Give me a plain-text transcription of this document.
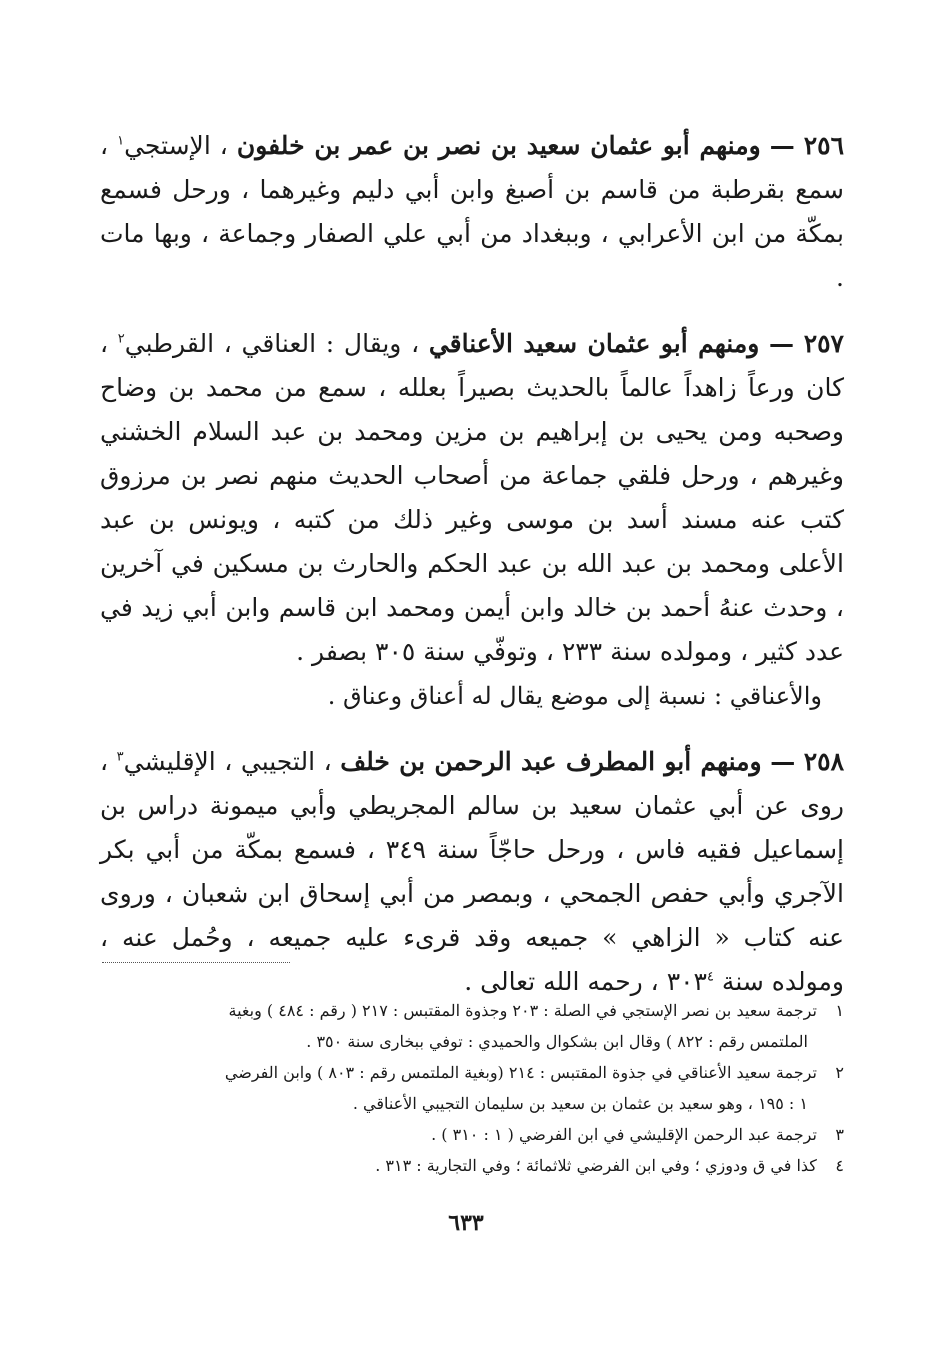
٢٥٦ — ومنهم أبو عثمان سعيد بن نصر بن عمر بن خلفون ، الإستجي$^١$ ، سمع بقرطبة من قاسم بن أصبغ وابن أبي دليم وغيرهما ، ورحل فسمع بمكّة من ابن الأعرابي ، وببغداد من أبي علي الصفار وجماعة ، وبها مات .

٢٥٧ — ومنهم أبو عثمان سعيد الأعناقي ، ويقال : العناقي ، القرطبي$^٢$ ، كان ورعاً زاهداً عالماً بالحديث بصيراً بعلله ، سمع من محمد بن وضاح وصحبه ومن يحيى بن إبراهيم بن مزين ومحمد بن عبد السلام الخشني وغيرهم ، ورحل فلقي جماعة من أصحاب الحديث منهم نصر بن مرزوق كتب عنه مسند أسد بن موسى وغير ذلك من كتبه ، ويونس بن عبد الأعلى ومحمد بن عبد الله بن عبد الحكم والحارث بن مسكين في آخرين ، وحدث عنهُ أحمد بن خالد وابن أيمن ومحمد ابن قاسم وابن أبي زيد في عدد كثير ، ومولده سنة ٢٣٣ ، وتوفّي سنة ٣٠٥ بصفر .

والأعناقي : نسبة إلى موضع يقال له أعناق وعناق .

٢٥٨ — ومنهم أبو المطرف عبد الرحمن بن خلف ، التجيبي ، الإقليشي$^٣$ ، روى عن أبي عثمان سعيد بن سالم المجريطي وأبي ميمونة دراس بن إسماعيل فقيه فاس ، ورحل حاجّاً سنة ٣٤٩ ، فسمع بمكّة من أبي بكر الآجري وأبي حفص الجمحي ، وبمصر من أبي إسحاق ابن شعبان ، وروى عنه كتاب « الزاهي » جميعه وقد قرىء عليه جميعه ، وحُمل عنه ، ومولده سنة $٣٠٣^٤$ ، رحمه الله تعالى .

١ ترجمة سعيد بن نصر الإستجي في الصلة : ٢٠٣ وجذوة المقتبس : ٢١٧ ( رقم : ٤٨٤ ) وبغية

الملتمس رقم : ٨٢٢ ) وقال ابن بشكوال والحميدي : توفي ببخارى سنة ٣٥٠ .

٢ ترجمة سعيد الأعناقي في جذوة المقتبس : ٢١٤ (وبغية الملتمس رقم : ٨٠٣ ) وابن الفرضي

١ : ١٩٥ ، وهو سعيد بن عثمان بن سعيد بن سليمان التجيبي الأعناقي .

٣ ترجمة عبد الرحمن الإقليشي في ابن الفرضي ( ١ : ٣١٠ ) .

٤ كذا في ق ودوزي ؛ وفي ابن الفرضي ثلاثمائة ؛ وفي التجارية : ٣١٣ .

٦٣٣
